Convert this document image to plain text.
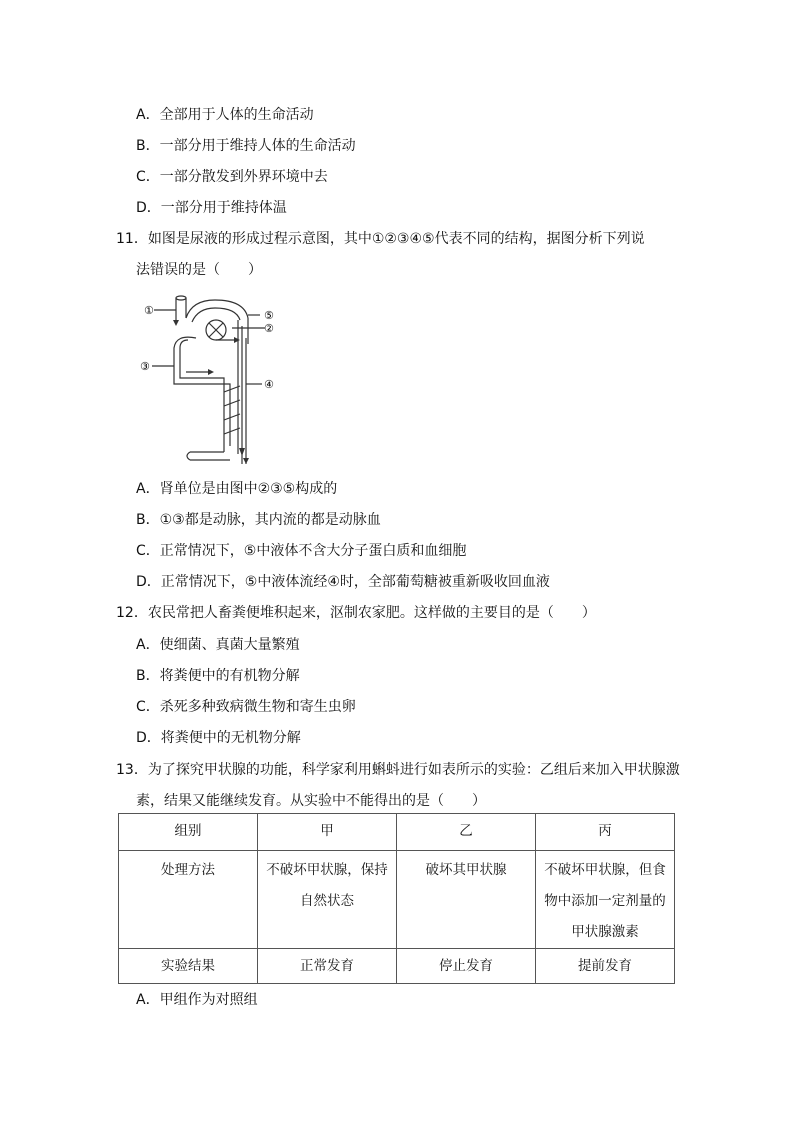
A．全部用于人体的生命活动
B．一部分用于维持人体的生命活动
C．一部分散发到外界环境中去
D．一部分用于维持体温
11．如图是尿液的形成过程示意图，其中①②③④⑤代表不同的结构，据图分析下列说
法错误的是（　　）
①	⑤
②
③
④
A．肾单位是由图中②③⑤构成的
B．①③都是动脉，其内流的都是动脉血
C．正常情况下，⑤中液体不含大分子蛋白质和血细胞
D．正常情况下，⑤中液体流经④时，全部葡萄糖被重新吸收回血液
12．农民常把人畜粪便堆积起来，沤制农家肥。这样做的主要目的是（　　）
A．使细菌、真菌大量繁殖
B．将粪便中的有机物分解
C．杀死多种致病微生物和寄生虫卵
D．将粪便中的无机物分解
13．为了探究甲状腺的功能，科学家利用蝌蚪进行如表所示的实验：乙组后来加入甲状腺激
素，结果又能继续发育。从实验中不能得出的是（　　）
组别	甲	乙	丙
处理方法	不破坏甲状腺，保持自然状态	破坏其甲状腺	不破坏甲状腺，但食物中添加一定剂量的甲状腺激素
实验结果	正常发育	停止发育	提前发育
A．甲组作为对照组
